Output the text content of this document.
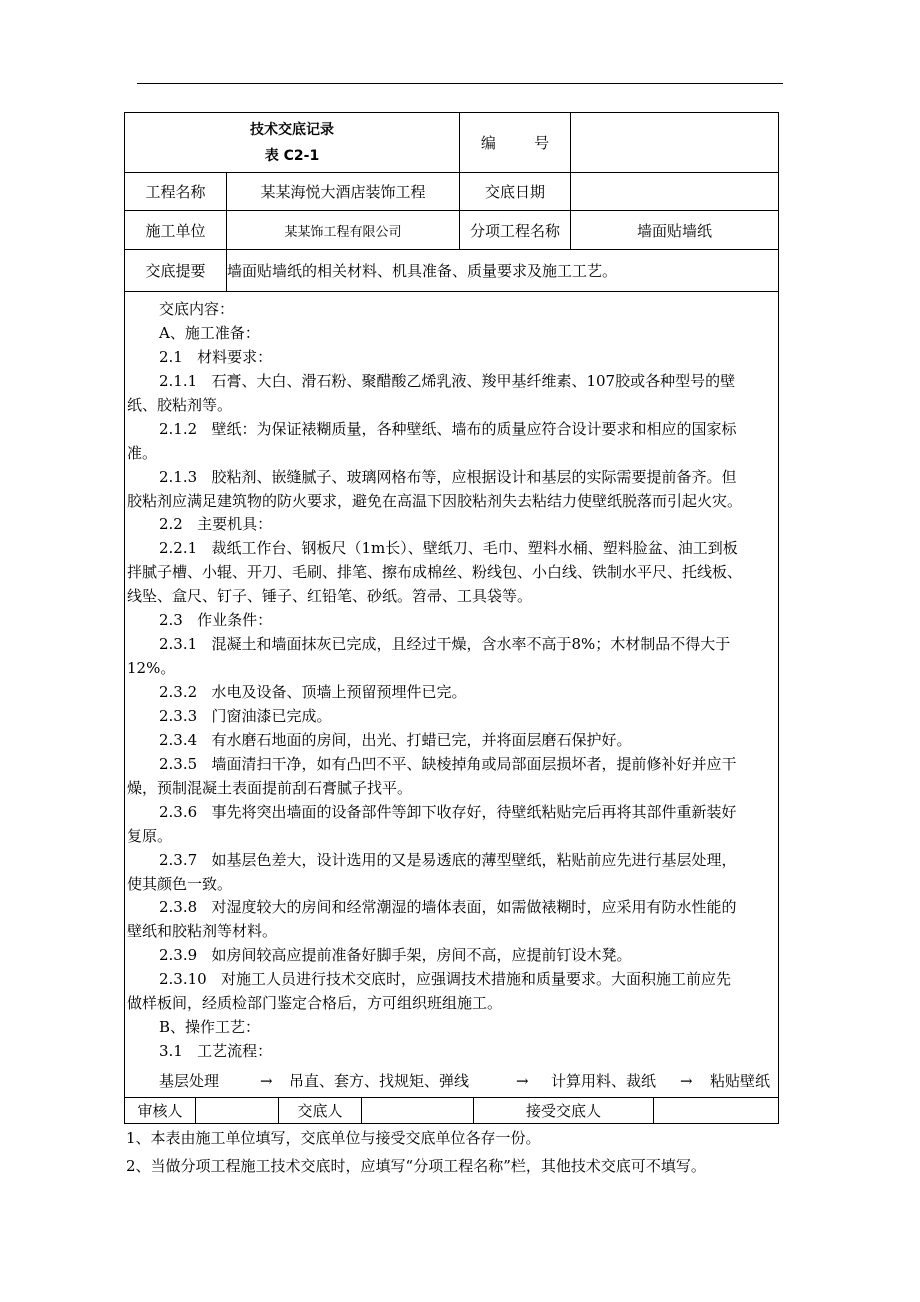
技术交底记录
表 C2-1		编        号	
工程名称	某某海悦大酒店装饰工程	交底日期	
施工单位	某某饰工程有限公司	分项工程名称	墙面贴墙纸
交底提要	墙面贴墙纸的相关材料、机具准备、质量要求及施工工艺。		
交底内容：
A、施工准备：
2.1   材料要求：
2.1.1   石膏、大白、滑石粉、聚醋酸乙烯乳液、羧甲基纤维素、107胶或各种型号的壁
纸、胶粘剂等。
2.1.2   壁纸：为保证裱糊质量，各种壁纸、墙布的质量应符合设计要求和相应的国家标
准。
2.1.3   胶粘剂、嵌缝腻子、玻璃网格布等，应根据设计和基层的实际需要提前备齐。但
胶粘剂应满足建筑物的防火要求，避免在高温下因胶粘剂失去粘结力使壁纸脱落而引起火灾。
2.2   主要机具：
2.2.1   裁纸工作台、钢板尺（1m长）、壁纸刀、毛巾、塑料水桶、塑料脸盆、油工到板
拌腻子槽、小辊、开刀、毛刷、排笔、擦布成棉丝、粉线包、小白线、铁制水平尺、托线板、
线坠、盒尺、钉子、锤子、红铅笔、砂纸。笤帚、工具袋等。
2.3   作业条件：
2.3.1   混凝土和墙面抹灰已完成，且经过干燥，含水率不高于8%；木材制品不得大于
12%。
2.3.2   水电及设备、顶墙上预留预埋件已完。
2.3.3   门窗油漆已完成。
2.3.4   有水磨石地面的房间，出光、打蜡已完，并将面层磨石保护好。
2.3.5   墙面清扫干净，如有凸凹不平、缺棱掉角或局部面层损坏者，提前修补好并应干
燥，预制混凝土表面提前刮石膏腻子找平。
2.3.6   事先将突出墙面的设备部件等卸下收存好，待壁纸粘贴完后再将其部件重新装好
复原。
2.3.7   如基层色差大，设计选用的又是易透底的薄型壁纸，粘贴前应先进行基层处理，
使其颜色一致。
2.3.8   对湿度较大的房间和经常潮湿的墙体表面，如需做裱糊时，应采用有防水性能的
壁纸和胶粘剂等材料。
2.3.9   如房间较高应提前准备好脚手架，房间不高，应提前钉设木凳。
2.3.10   对施工人员进行技术交底时，应强调技术措施和质量要求。大面积施工前应先
做样板间，经质检部门鉴定合格后，方可组织班组施工。
B、操作工艺：
3.1   工艺流程：
基层处理	→ 吊直、套方、找规矩、弹线	→ 计算用料、裁纸 → 粘贴壁纸
审核人		交底人		接受交底人	
1、本表由施工单位填写，交底单位与接受交底单位各存一份。
2、当做分项工程施工技术交底时，应填写“分项工程名称”栏，其他技术交底可不填写。
